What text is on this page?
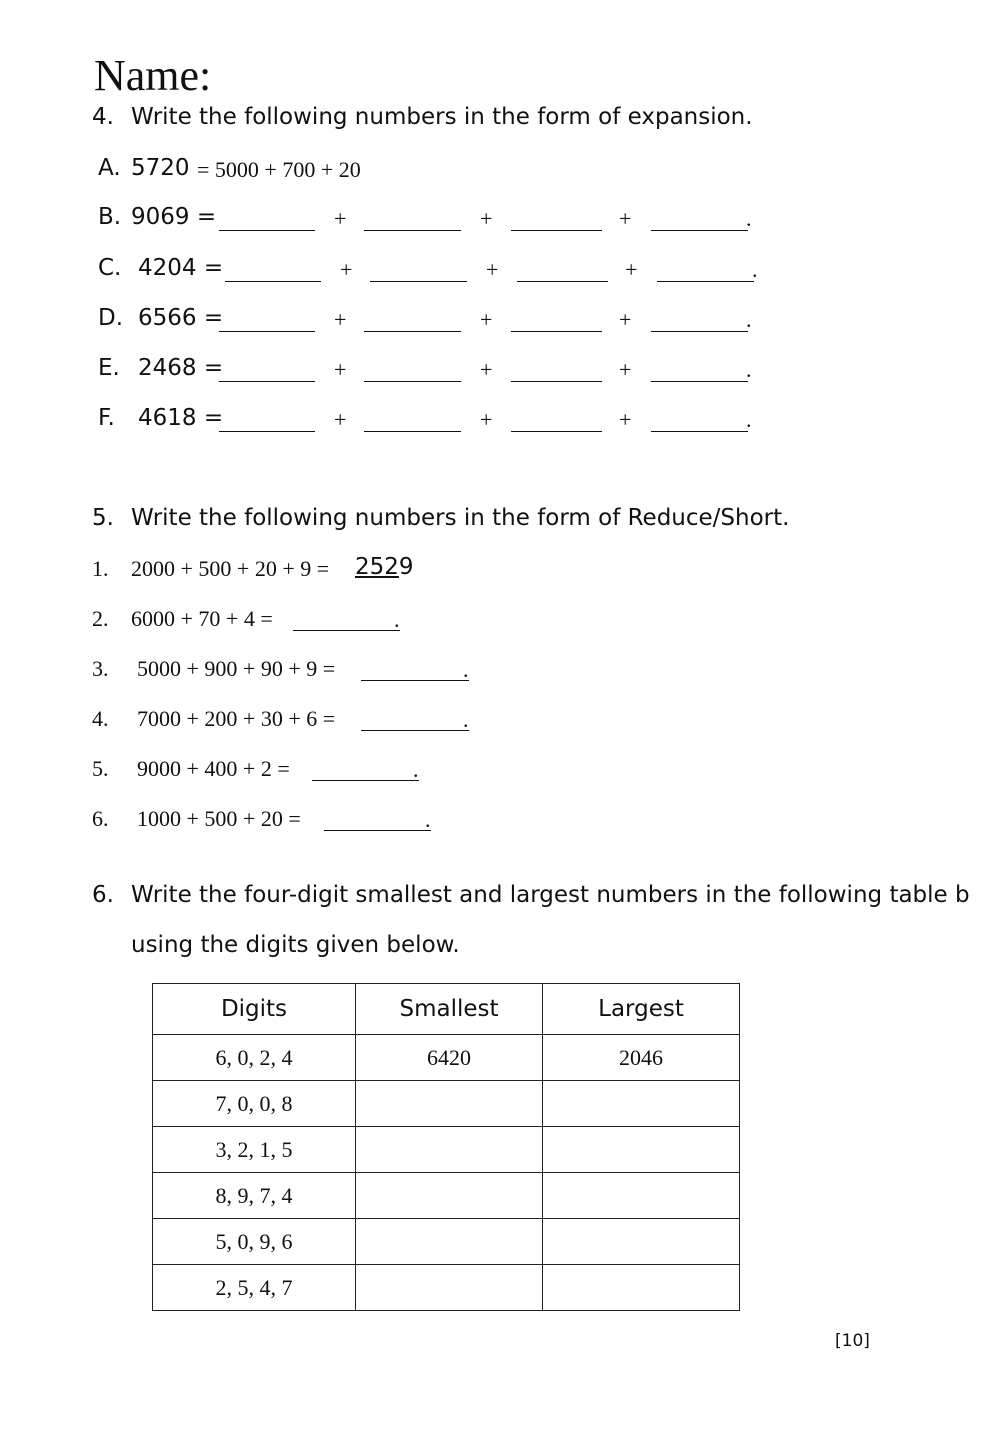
Name:
4. Write the following numbers in the form of expansion.
A. 5720 = 5000 + 700 + 20
B. 9069 =	+	+	+	.
C. 4204 =	+	+	+	.
D. 6566 =	+	+	+	.
E. 2468 =	+	+	+	.
F. 4618 =	+	+	+	.
5. Write the following numbers in the form of Reduce/Short.
1. 2000 + 500 + 20 + 9 = 2529
2. 6000 + 70 + 4 =	.
3. 5000 + 900 + 90 + 9 =	.
4. 7000 + 200 + 30 + 6 =	.
5. 9000 + 400 + 2 =	.
6. 1000 + 500 + 20 =	.
6. Write the four-digit smallest and largest numbers in the following table b
using the digits given below.
Digits	Smallest	Largest
6, 0, 2, 4	6420	2046
7, 0, 0, 8		
3, 2, 1, 5		
8, 9, 7, 4		
5, 0, 9, 6		
2, 5, 4, 7		
[10]
